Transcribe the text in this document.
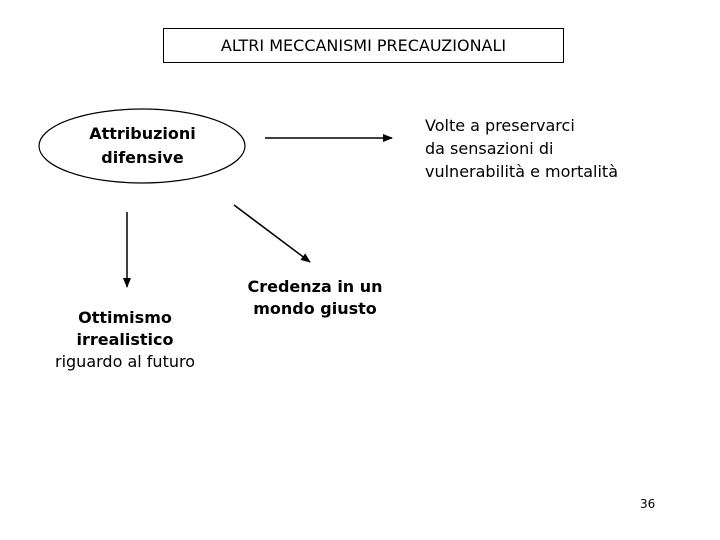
ALTRI MECCANISMI PRECAUZIONALI
Attribuzioni
difensive
Volte a preservarci
da sensazioni di
vulnerabilità e mortalità
Credenza in un
mondo giusto
Ottimismo
irrealistico
riguardo al futuro
36
